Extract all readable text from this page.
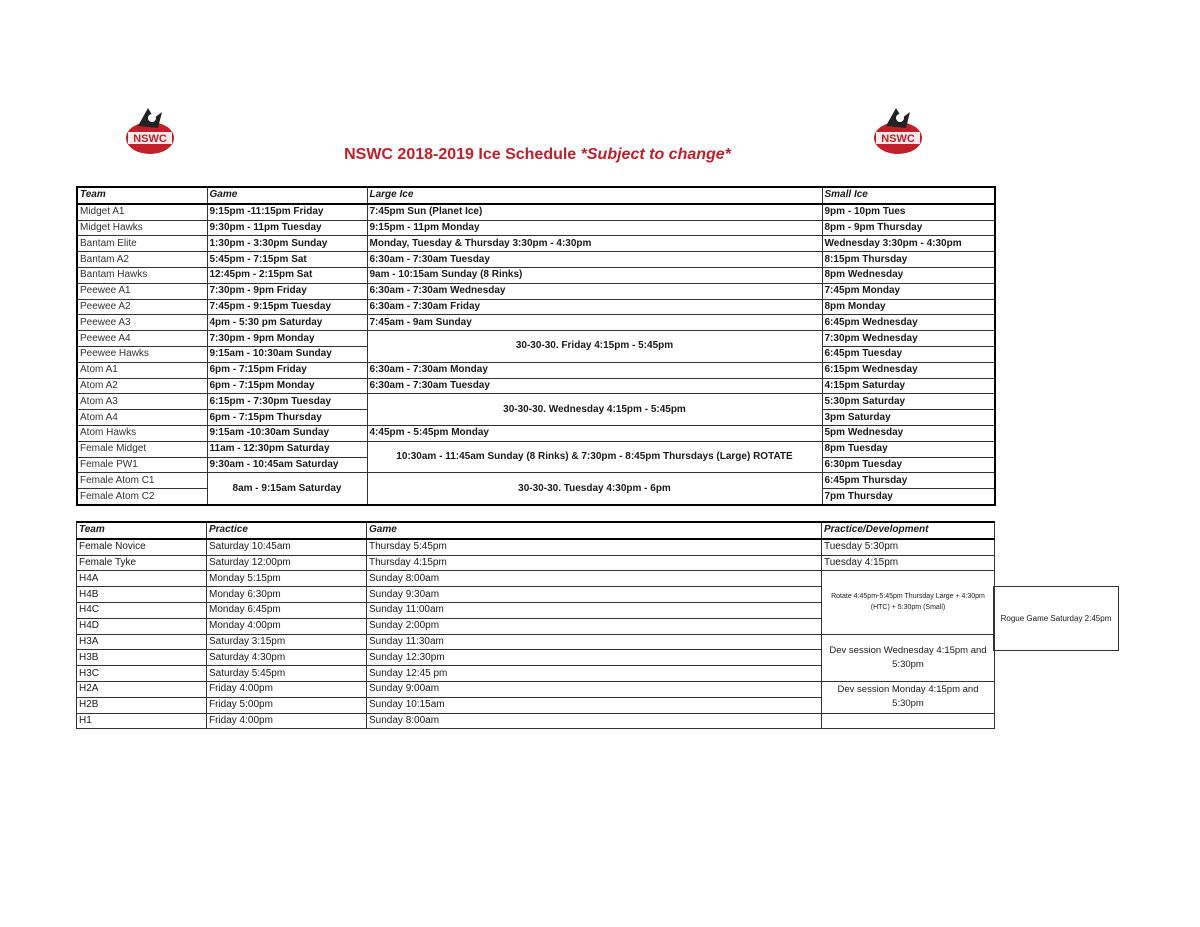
NSWC	NSWC
NSWC 2018-2019 Ice Schedule *Subject to change*
Team	Game	Large Ice	Small Ice
Midget A1	9:15pm -11:15pm Friday	7:45pm Sun (Planet Ice)	9pm - 10pm Tues
Midget Hawks	9:30pm - 11pm Tuesday	9:15pm - 11pm Monday	8pm - 9pm Thursday
Bantam Elite	1:30pm - 3:30pm Sunday	Monday, Tuesday & Thursday 3:30pm - 4:30pm	Wednesday 3:30pm - 4:30pm
Bantam A2	5:45pm - 7:15pm Sat	6:30am - 7:30am Tuesday	8:15pm Thursday
Bantam Hawks	12:45pm - 2:15pm Sat	9am - 10:15am Sunday (8 Rinks)	8pm Wednesday
Peewee A1	7:30pm - 9pm Friday	6:30am - 7:30am Wednesday	7:45pm Monday
Peewee A2	7:45pm - 9:15pm Tuesday	6:30am - 7:30am Friday	8pm Monday
Peewee A3	4pm - 5:30 pm Saturday	7:45am - 9am Sunday	6:45pm Wednesday
Peewee A4	7:30pm - 9pm Monday	30-30-30. Friday 4:15pm - 5:45pm	7:30pm Wednesday
Peewee Hawks	9:15am - 10:30am Sunday		6:45pm Tuesday
Atom A1	6pm - 7:15pm Friday	6:30am - 7:30am Monday	6:15pm Wednesday
Atom A2	6pm - 7:15pm Monday	6:30am - 7:30am Tuesday	4:15pm Saturday
Atom A3	6:15pm - 7:30pm Tuesday	30-30-30. Wednesday 4:15pm - 5:45pm	5:30pm Saturday
Atom A4	6pm - 7:15pm Thursday		3pm Saturday
Atom Hawks	9:15am -10:30am Sunday	4:45pm - 5:45pm Monday	5pm Wednesday
Female Midget	11am - 12:30pm Saturday	10:30am - 11:45am Sunday (8 Rinks) & 7:30pm - 8:45pm Thursdays (Large) ROTATE	8pm Tuesday
Female PW1	9:30am - 10:45am Saturday		6:30pm Tuesday
Female Atom C1	8am - 9:15am Saturday	30-30-30. Tuesday 4:30pm - 6pm	6:45pm Thursday
Female Atom C2			7pm Thursday
Team	Practice	Game	Practice/Development
Female Novice	Saturday 10:45am	Thursday 5:45pm	Tuesday 5:30pm
Female Tyke	Saturday 12:00pm	Thursday 4:15pm	Tuesday 4:15pm
H4A	Monday 5:15pm	Sunday 8:00am	Rotate 4:45pm-5:45pm Thursday Large + 4:30pm (HTC) + 5:30pm (Small)
H4B	Monday 6:30pm	Sunday 9:30am	
H4C	Monday 6:45pm	Sunday 11:00am	
H4D	Monday 4:00pm	Sunday 2:00pm	
H3A	Saturday 3:15pm	Sunday 11:30am	Dev session Wednesday 4:15pm and 5:30pm
H3B	Saturday 4:30pm	Sunday 12:30pm	
H3C	Saturday 5:45pm	Sunday 12:45 pm	
H2A	Friday 4:00pm	Sunday 9:00am	Dev session Monday 4:15pm and 5:30pm
H2B	Friday 5:00pm	Sunday 10:15am	
H1	Friday 4:00pm	Sunday 8:00am	
Rogue Game Saturday 2:45pm
